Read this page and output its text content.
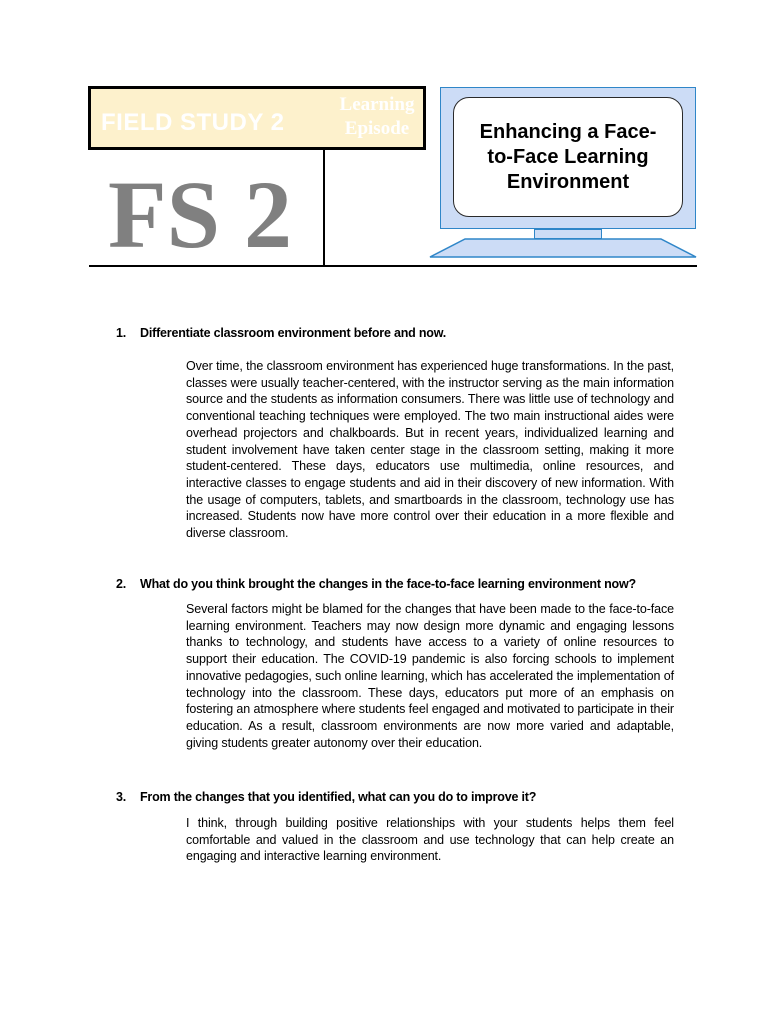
FIELD STUDY 2
Learning Episode
FS 2
Enhancing a Face-to-Face Learning Environment
1. Differentiate classroom environment before and now.
Over time, the classroom environment has experienced huge transformations. In the past, classes were usually teacher-centered, with the instructor serving as the main information source and the students as information consumers. There was little use of technology and conventional teaching techniques were employed. The two main instructional aides were overhead projectors and chalkboards. But in recent years, individualized learning and student involvement have taken center stage in the classroom setting, making it more student-centered. These days, educators use multimedia, online resources, and interactive classes to engage students and aid in their discovery of new information. With the usage of computers, tablets, and smartboards in the classroom, technology use has increased. Students now have more control over their education in a more flexible and diverse classroom.
2. What do you think brought the changes in the face-to-face learning environment now?
Several factors might be blamed for the changes that have been made to the face-to-face learning environment. Teachers may now design more dynamic and engaging lessons thanks to technology, and students have access to a variety of online resources to support their education. The COVID-19 pandemic is also forcing schools to implement innovative pedagogies, such online learning, which has accelerated the implementation of technology into the classroom. These days, educators put more of an emphasis on fostering an atmosphere where students feel engaged and motivated to participate in their education. As a result, classroom environments are now more varied and adaptable, giving students greater autonomy over their education.
3. From the changes that you identified, what can you do to improve it?
I think, through building positive relationships with your students helps them feel comfortable and valued in the classroom and use technology that can help create an engaging and interactive learning environment.
